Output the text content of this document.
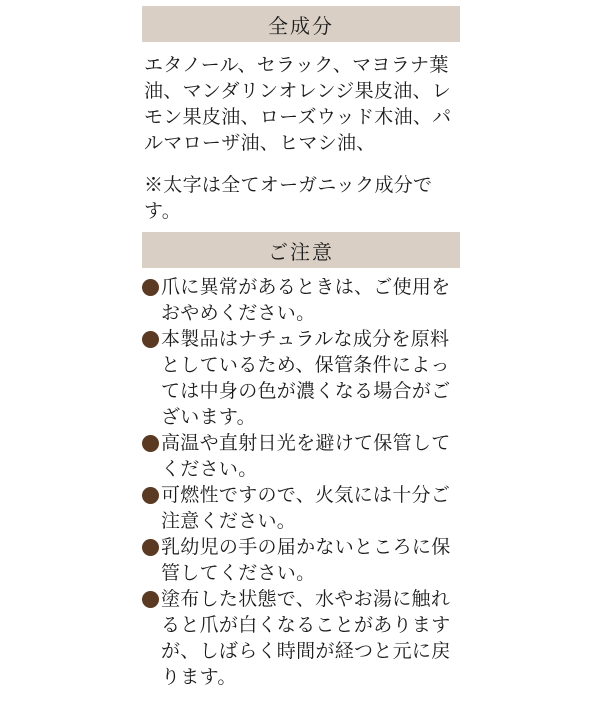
全成分
エタノール、セラック、マヨラナ葉油、マンダリンオレンジ果皮油、レモン果皮油、ローズウッド木油、パルマローザ油、ヒマシ油、
※太字は全てオーガニック成分です。
ご注意
爪に異常があるときは、ご使用をおやめください。
本製品はナチュラルな成分を原料としているため、保管条件によっては中身の色が濃くなる場合がございます。
高温や直射日光を避けて保管してください。
可燃性ですので、火気には十分ご注意ください。
乳幼児の手の届かないところに保管してください。
塗布した状態で、水やお湯に触れると爪が白くなることがありますが、しばらく時間が経つと元に戻ります。
